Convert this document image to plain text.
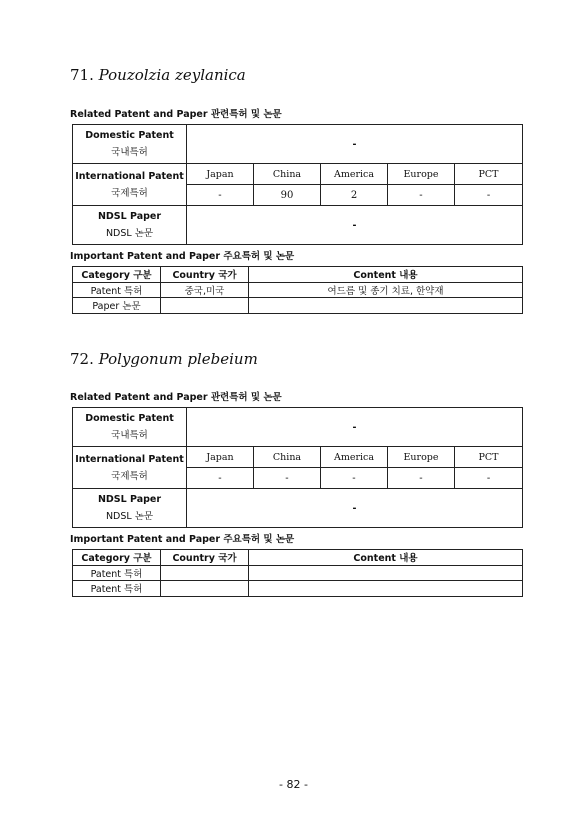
71. Pouzolzia zeylanica
Related Patent and Paper 관련특허 및 논문
Domestic Patent
국내특허	-				

International Patent
국제특허	Japan	China	America	Europe	PCT
	-	90	2	-	-

NDSL Paper
NDSL 논문	-				
Important Patent and Paper 주요특허 및 논문
Category 구분	Country 국가	Content 내용
Patent 특허	중국,미국	여드름 및 종기 치료, 한약재
Paper 논문		
72. Polygonum plebeium
Related Patent and Paper 관련특허 및 논문
Domestic Patent
국내특허	-				

International Patent
국제특허	Japan	China	America	Europe	PCT
	-	-	-	-	-

NDSL Paper
NDSL 논문	-				
Important Patent and Paper 주요특허 및 논문
Category 구분	Country 국가	Content 내용
Patent 특허		
Patent 특허		
- 82 -
